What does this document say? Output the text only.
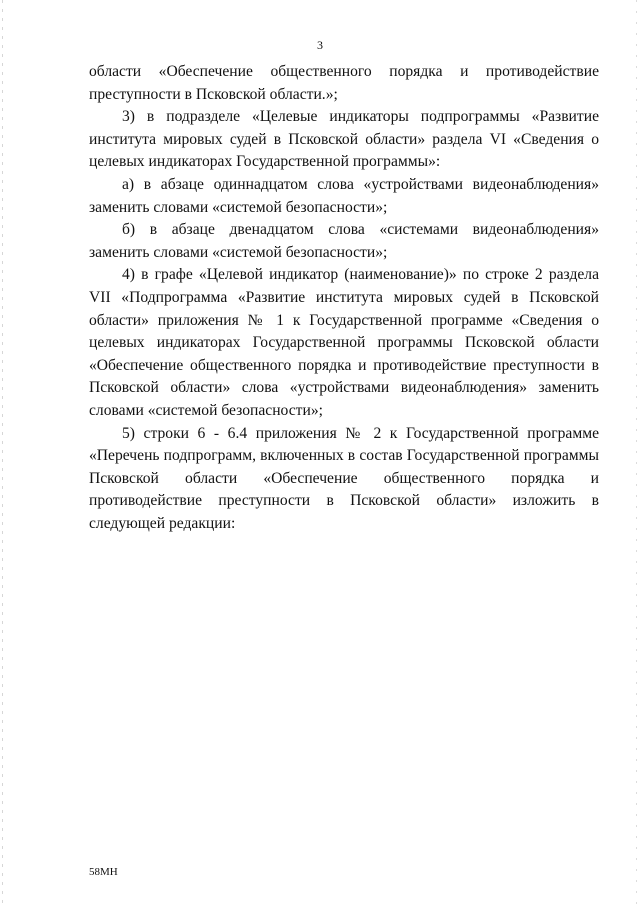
3

области «Обеспечение общественного порядка и противодействие преступности в Псковской области.»;

3) в подразделе «Целевые индикаторы подпрограммы «Развитие института мировых судей в Псковской области» раздела VI «Сведения о целевых индикаторах Государственной программы»:

а) в абзаце одиннадцатом слова «устройствами видеонаблюдения» заменить словами «системой безопасности»;

б) в абзаце двенадцатом слова «системами видеонаблюдения» заменить словами «системой безопасности»;

4) в графе «Целевой индикатор (наименование)» по строке 2 раздела VII «Подпрограмма «Развитие института мировых судей в Псковской области» приложения № 1 к Государственной программе «Сведения о целевых индикаторах Государственной программы Псковской области «Обеспечение общественного порядка и противодействие преступности в Псковской области» слова «устройствами видеонаблюдения» заменить словами «системой безопасности»;

5) строки 6 - 6.4 приложения № 2 к Государственной программе «Перечень подпрограмм, включенных в состав Государственной программы Псковской области «Обеспечение общественного порядка и противодействие преступности в Псковской области» изложить в следующей редакции:

58МН
